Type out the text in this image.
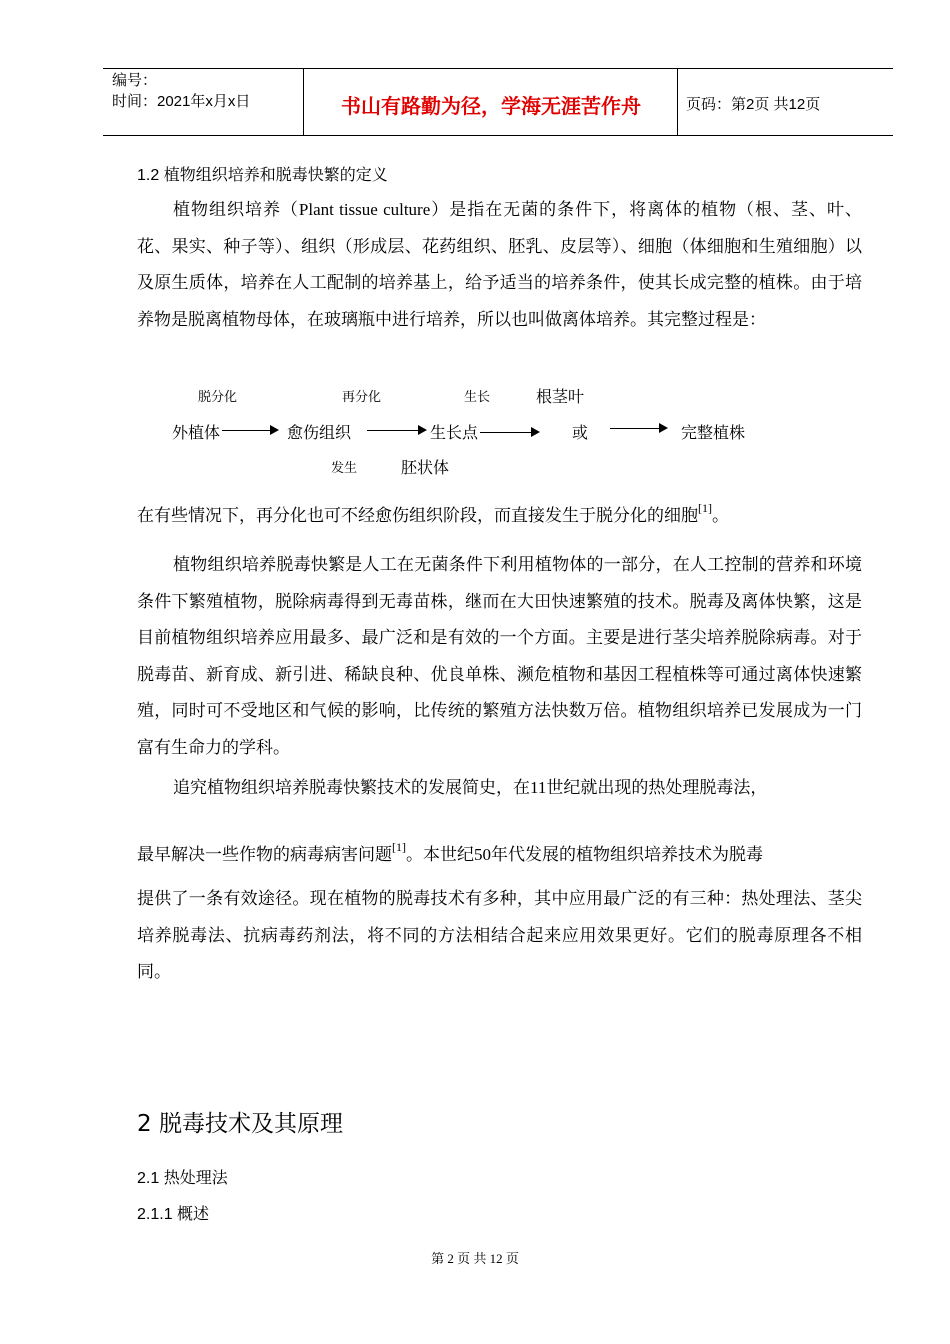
编号：
时间：2021年x月x日	书山有路勤为径，学海无涯苦作舟	页码：第2页 共12页
1.2 植物组织培养和脱毒快繁的定义
植物组织培养（Plant tissue culture）是指在无菌的条件下，将离体的植物（根、茎、叶、花、果实、种子等）、组织（形成层、花药组织、胚乳、皮层等）、细胞（体细胞和生殖细胞）以及原生质体，培养在人工配制的培养基上，给予适当的培养条件，使其长成完整的植株。由于培养物是脱离植物母体，在玻璃瓶中进行培养，所以也叫做离体培养。其完整过程是：
脱分化	再分化	生长	根茎叶
外植体	愈伤组织	生长点	或	完整植株
发生	胚状体
在有些情况下，再分化也可不经愈伤组织阶段，而直接发生于脱分化的细胞[1]。
植物组织培养脱毒快繁是人工在无菌条件下利用植物体的一部分，在人工控制的营养和环境条件下繁殖植物，脱除病毒得到无毒苗株，继而在大田快速繁殖的技术。脱毒及离体快繁，这是目前植物组织培养应用最多、最广泛和是有效的一个方面。主要是进行茎尖培养脱除病毒。对于脱毒苗、新育成、新引进、稀缺良种、优良单株、濒危植物和基因工程植株等可通过离体快速繁殖，同时可不受地区和气候的影响，比传统的繁殖方法快数万倍。植物组织培养已发展成为一门富有生命力的学科。
追究植物组织培养脱毒快繁技术的发展简史，在11世纪就出现的热处理脱毒法，
最早解决一些作物的病毒病害问题[1]。本世纪50年代发展的植物组织培养技术为脱毒
提供了一条有效途径。现在植物的脱毒技术有多种，其中应用最广泛的有三种：热处理法、茎尖培养脱毒法、抗病毒药剂法，将不同的方法相结合起来应用效果更好。它们的脱毒原理各不相同。
2 脱毒技术及其原理
2.1 热处理法
2.1.1 概述
第 2 页 共 12 页
